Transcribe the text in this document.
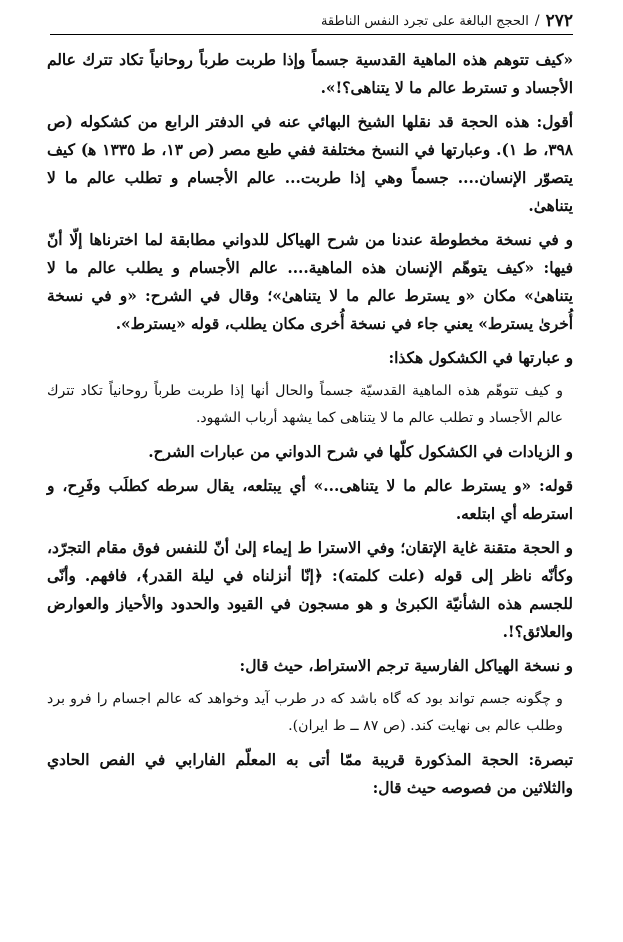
٢٧٢
/
الحجج البالغة على تجرد النفس الناطقة

«كيف تتوهم هذه الماهية القدسية جسماً وإذا طربت طرباً روحانياً تكاد تترك عالم الأجساد و تسترط عالم ما لا يتناهى؟!».

أقول: هذه الحجة قد نقلها الشيخ البهائي عنه في الدفتر الرابع من كشكوله (ص ٣٩٨، ط ١). وعبارتها في النسخ مختلفة ففي طبع مصر (ص ١٣، ط ١٣٣٥ ﻫ) كيف يتصوّر الإنسان.... جسماً وهي إذا طربت... عالم الأجسام و تطلب عالم ما لا يتناهىٰ.

و في نسخة مخطوطة عندنا من شرح الهياكل للدواني مطابقة لما اخترناها إلّا أنّ فيها: «كيف يتوهّم الإنسان هذه الماهية.... عالم الأجسام و يطلب عالم ما لا يتناهىٰ» مكان «و يسترط عالم ما لا يتناهىٰ»؛ وقال في الشرح: «و في نسخة أُخرىٰ يسترط» يعني جاء في نسخة أُخرى مكان يطلب، قوله «يسترط».

و عبارتها في الكشكول هكذا:

و كيف تتوهّم هذه الماهية القدسيّة جسماً والحال أنها إذا طربت طرباً روحانياً تكاد تترك عالم الأجساد و تطلب عالم ما لا يتناهى كما يشهد أرباب الشهود.

و الزيادات في الكشكول كلّها في شرح الدواني من عبارات الشرح.

قوله: «و يسترط عالم ما لا يتناهى...» أي يبتلعه، يقال سرطه كطلَب وفَرِح، و استرطه أي ابتلعه.

و الحجة متقنة غاية الإتقان؛ وفي الاسترا ط إيماء إلىٰ أنّ للنفس فوق مقام التجرّد، وكأنّه ناظر إلى قوله (علت كلمته): ﴿إنّا أنزلناه في ليلة القدر﴾، فافهم. وأنّى للجسم هذه الشأنيّة الكبرىٰ و هو مسجون في القيود والحدود والأحياز والعوارض والعلائق؟!.

و نسخة الهياكل الفارسية ترجم الاستراط، حيث قال:

و چگونه جسم تواند بود كه گاه باشد كه در طرب آيد وخواهد كه عالم اجسام را فرو برد وطلب عالم بى نهايت كند. (ص ٨٧ ــ ط ايران).

تبصرة: الحجة المذكورة قريبة ممّا أتى به المعلّم الفارابي في الفص الحادي والثلاثين من فصوصه حيث قال:
